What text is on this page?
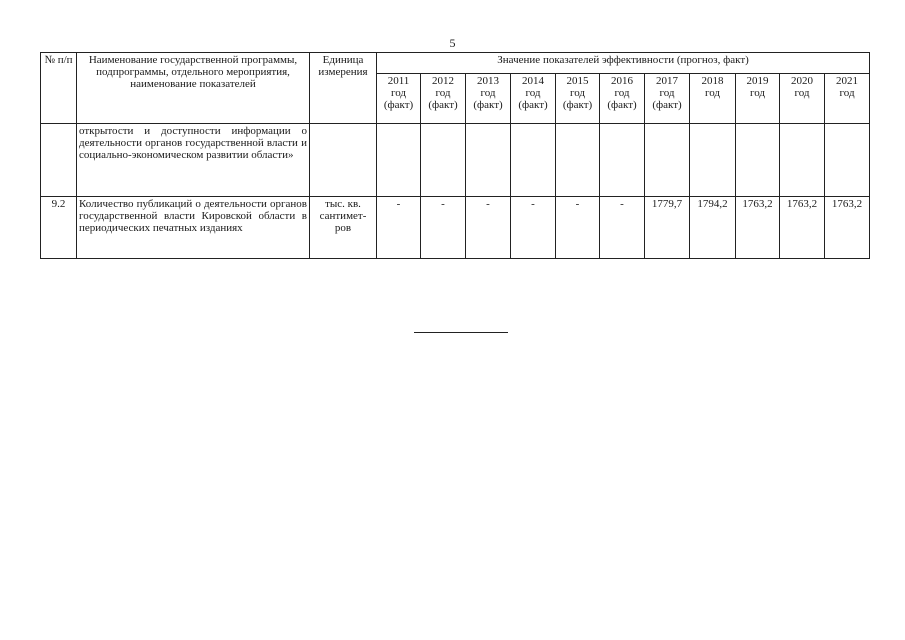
5
№ п/п	Наименование государственной программы, подпрограммы, отдельного мероприятия, наименование показателей	Единица измерения	Значение показателей эффективности (прогноз, факт)										

			2011
год
(факт)	2012
год
(факт)	2013
год
(факт)	2014
год
(факт)	2015
год
(факт)	2016
год
(факт)	2017
год
(факт)	2018
год	2019
год	2020
год	2021
год

	открытости и доступности информации о деятельности органов государственной власти и социально-экономическом развитии области»												
9.2	Количество публикаций о деятельности органов государственной власти Кировской области в периодических печатных изданиях	тыс. кв. сантимет-ров	-	-	-	-	-	-	1779,7	1794,2	1763,2	1763,2	1763,2
